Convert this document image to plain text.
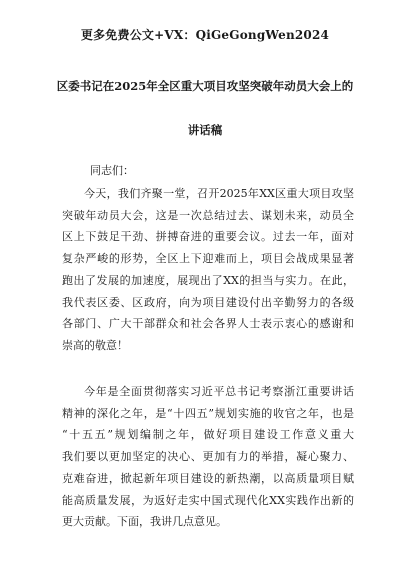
更多免费公文+VX：QiGeGongWen2024
区委书记在2025年全区重大项目攻坚突破年动员大会上的
讲话稿
同志们：
今天，我们齐聚一堂，召开2025年XX区重大项目攻坚
突破年动员大会，这是一次总结过去、谋划未来，动员全
区上下鼓足干劲、拼搏奋进的重要会议。过去一年，面对
复杂严峻的形势，全区上下迎难而上，项目会战成果显著
跑出了发展的加速度，展现出了XX的担当与实力。在此，
我代表区委、区政府，向为项目建设付出辛勤努力的各级
各部门、广大干部群众和社会各界人士表示衷心的感谢和
崇高的敬意！
今年是全面贯彻落实习近平总书记考察浙江重要讲话
精神的深化之年，是“十四五”规划实施的收官之年，也是
“十五五”规划编制之年，做好项目建设工作意义重大
我们要以更加坚定的决心、更加有力的举措，凝心聚力、
克难奋进，掀起新年项目建设的新热潮，以高质量项目赋
能高质量发展，为返好走实中国式现代化XX实践作出新的
更大贡献。下面，我讲几点意见。
